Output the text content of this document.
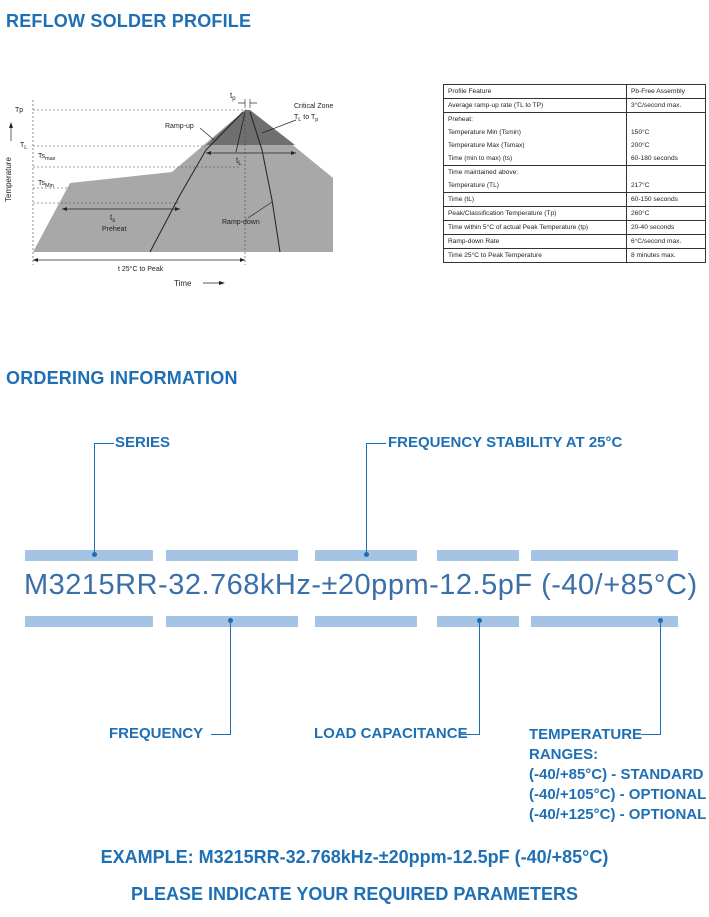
REFLOW SOLDER PROFILE
$t_p$
Critical Zone
$T_L$ to $T_p$
Ramp-up
Ramp-down
Tp
$T_L$
$Ts_{max}$
$Ts_{Min}$
$t_L$
$t_s$
Preheat
t 25°C to Peak
Time
Temperature
Profile Feature	Pb-Free Assembly
Average ramp-up rate (TL to TP)	3°C/second max.
Preheat:	
Temperature Min (Tsmin)	150°C
Temperature Max (Tsmax)	200°C
Time (min to max) (ts)	60-180 seconds
Time maintained above:	
Temperature (TL)	217°C
Time (tL)	60-150 seconds
Peak/Classification Temperature (Tp)	260°C
Time within 5°C of actual Peak Temperature (tp)	20-40 seconds
Ramp-down Rate	6°C/second max.
Time 25°C to Peak Temperature	8 minutes max.
ORDERING INFORMATION
M3215RR-32.768kHz-±20ppm-12.5pF (-40/+85°C)
SERIES	FREQUENCY STABILITY AT 25°C
FREQUENCY	LOAD CAPACITANCE	TEMPERATURE
RANGES:
(-40/+85°C) - STANDARD
(-40/+105°C) - OPTIONAL
(-40/+125°C) - OPTIONAL
EXAMPLE: M3215RR-32.768kHz-±20ppm-12.5pF (-40/+85°C)
PLEASE INDICATE YOUR REQUIRED PARAMETERS
